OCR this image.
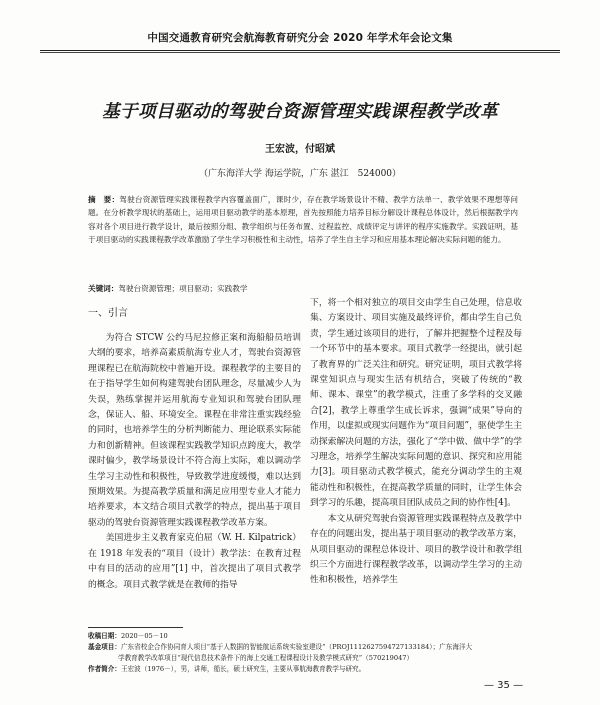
中国交通教育研究会航海教育研究分会 2020 年学术年会论文集
基于项目驱动的驾驶台资源管理实践课程教学改革
王宏波，付昭斌
（广东海洋大学 海运学院，广东 湛江　524000）
摘　要：驾驶台资源管理实践课程教学内容覆盖面广，课时少，存在教学场景设计不精、教学方法单一、教学效果不理想等问题。在分析教学现状的基础上，运用项目驱动教学的基本原理，首先按照能力培养目标分解设计课程总体设计，然后根据教学内容对各个项目进行教学设计，最后按照分组、教学组织与任务布置、过程监控、成绩评定与讲评的程序实施教学。实践证明，基于项目驱动的实践课程教学改革激励了学生学习积极性和主动性，培养了学生自主学习和应用基本理论解决实际问题的能力。
关键词：驾驶台资源管理；项目驱动；实践教学
一、引言

为符合 STCW 公约马尼拉修正案和海船船员培训大纲的要求，培养高素质航海专业人才，驾驶台资源管理课程已在航海院校中普遍开设。课程教学的主要目的在于指导学生如何构建驾驶台团队理念，尽量减少人为失误，熟练掌握并运用航海专业知识和驾驶台团队理念，保证人、船、环境安全。课程在非常注重实践经验的同时，也培养学生的分析判断能力、理论联系实际能力和创新精神。但该课程实践教学知识点跨度大，教学课时偏少，教学场景设计不符合海上实际，难以调动学生学习主动性和积极性，导致教学进度缓慢，难以达到预期效果。为提高教学质量和满足应用型专业人才能力培养要求，本文结合项目式教学的特点，提出基于项目驱动的驾驶台资源管理实践课程教学改革方案。

美国进步主义教育家克伯屈（W. H. Kilpatrick）在 1918 年发表的“项目（设计）教学法：在教育过程中有目的活动的应用”[1] 中，首次提出了项目式教学的概念。项目式教学就是在教师的指导

下，将一个相对独立的项目交由学生自己处理，信息收集、方案设计、项目实施及最终评价，都由学生自己负责，学生通过该项目的进行，了解并把握整个过程及每一个环节中的基本要求。项目式教学一经提出，就引起了教育界的广泛关注和研究。研究证明，项目式教学将课堂知识点与现实生活有机结合，突破了传统的“教师、课本、课堂”的教学模式，注重了多学科的交叉融合[2]，教学上尊重学生成长诉求，强调“成果”导向的作用，以虚拟或现实问题作为“项目问题”，驱使学生主动探索解决问题的方法，强化了“学中做、做中学”的学习理念，培养学生解决实际问题的意识、探究和应用能力[3]。项目驱动式教学模式，能充分调动学生的主观能动性和积极性，在提高教学质量的同时，让学生体会到学习的乐趣，提高项目团队成员之间的协作性[4]。

本文从研究驾驶台资源管理实践课程特点及教学中存在的问题出发，提出基于项目驱动的教学改革方案，从项目驱动的课程总体设计、项目的教学设计和教学组织三个方面进行课程教学改革，以调动学生学习的主动性和积极性，培养学生

收稿日期：2020－05－10
基金项目：广东省校企合作协同育人项目“基于人数据的智能航运系统实验室建设”（PROJ1112627594727133184）；广东海洋大
学教育教学改革项目“现代信息技术条件下的海上交通工程课程设计及教学模式研究”（570219047）
作者简介：王宏波（1976－），男，讲师，船长，硕士研究生，主要从事航海教育教学与研究。
— 35 —
